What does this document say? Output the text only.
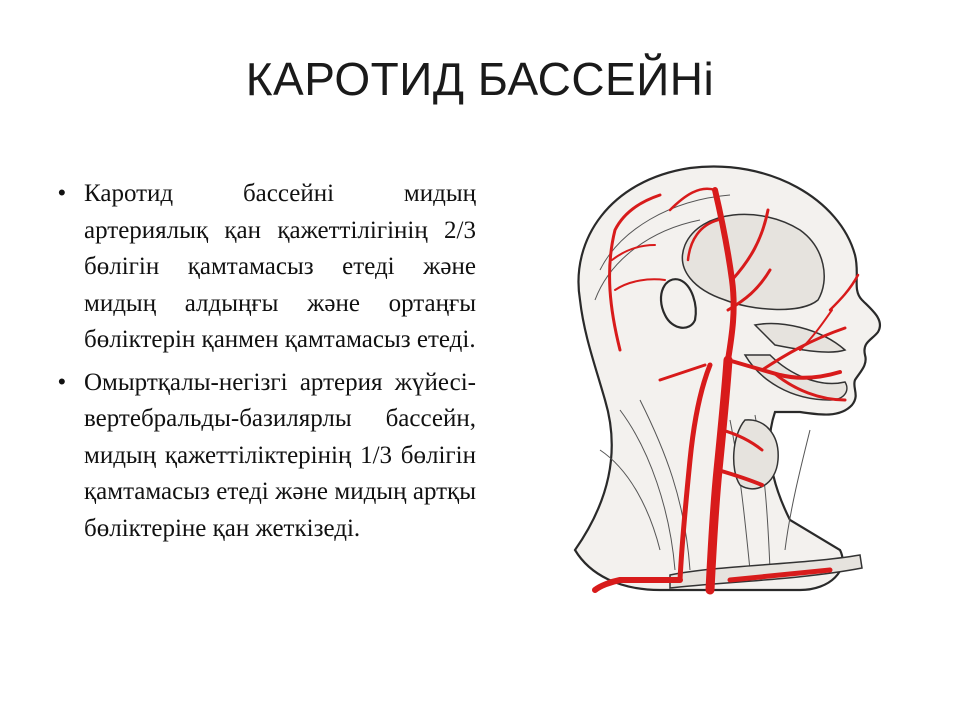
КАРОТИД БАССЕЙНі
• Каротид бассейні мидың артериялық қан қажеттілігінің 2/3 бөлігін қамтамасыз етеді және мидың алдыңғы және ортаңғы бөліктерін қанмен қамтамасыз етеді.
• Омыртқалы-негізгі артерия жүйесі-вертебральды-базилярлы бассейн, мидың қажеттіліктерінің 1/3 бөлігін қамтамасыз етеді және мидың артқы бөліктеріне қан жеткізеді.
